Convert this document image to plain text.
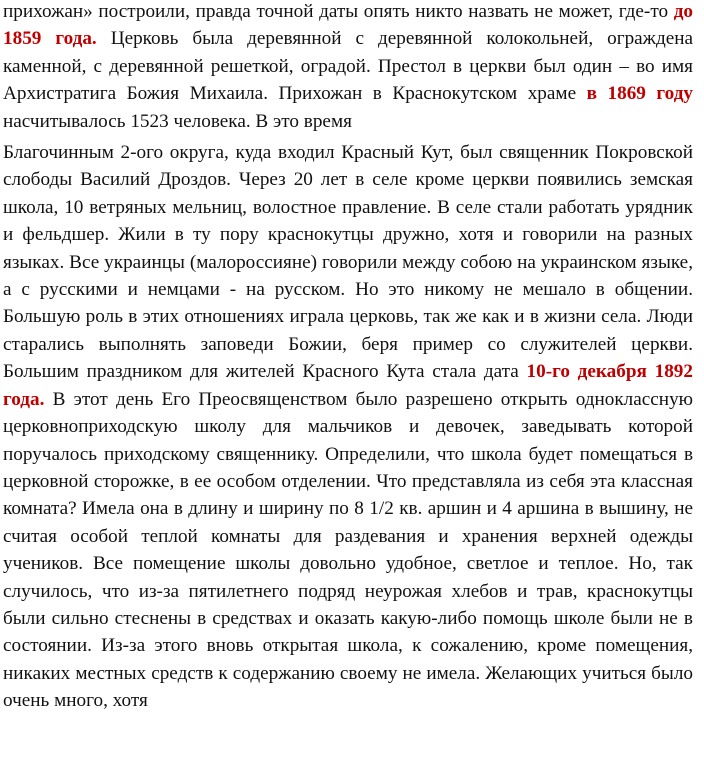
прихожан» построили, правда точной даты опять никто назвать не может, где-то до 1859 года. Церковь была деревянной с деревянной колокольней, ограждена каменной, с деревянной решеткой, оградой. Престол в церкви был один – во имя Архистратига Божия Михаила. Прихожан в Краснокутском храме в 1869 году насчитывалось 1523 человека. В это время

Благочинным 2-ого округа, куда входил Красный Кут, был священник Покровской слободы Василий Дроздов. Через 20 лет в селе кроме церкви появились земская школа, 10 ветряных мельниц, волостное правление. В селе стали работать урядник и фельдшер. Жили в ту пору краснокутцы дружно, хотя и говорили на разных языках. Все украинцы (малороссияне) говорили между собою на украинском языке, а с русскими и немцами - на русском. Но это никому не мешало в общении. Большую роль в этих отношениях играла церковь, так же как и в жизни села. Люди старались выполнять заповеди Божии, беря пример со служителей церкви. Большим праздником для жителей Красного Кута стала дата 10-го декабря 1892 года. В этот день Его Преосвященством было разрешено открыть одноклассную церковноприходскую школу для мальчиков и девочек, заведывать которой поручалось приходскому священнику. Определили, что школа будет помещаться в церковной сторожке, в ее особом отделении. Что представляла из себя эта классная комната? Имела она в длину и ширину по 8 1/2 кв. аршин и 4 аршина в вышину, не считая особой теплой комнаты для раздевания и хранения верхней одежды учеников. Все помещение школы довольно удобное, светлое и теплое. Но, так случилось, что из-за пятилетнего подряд неурожая хлебов и трав, краснокутцы были сильно стеснены в средствах и оказать какую-либо помощь школе были не в состоянии. Из-за этого вновь открытая школа, к сожалению, кроме помещения, никаких местных средств к содержанию своему не имела. Желающих учиться было очень много, хотя
